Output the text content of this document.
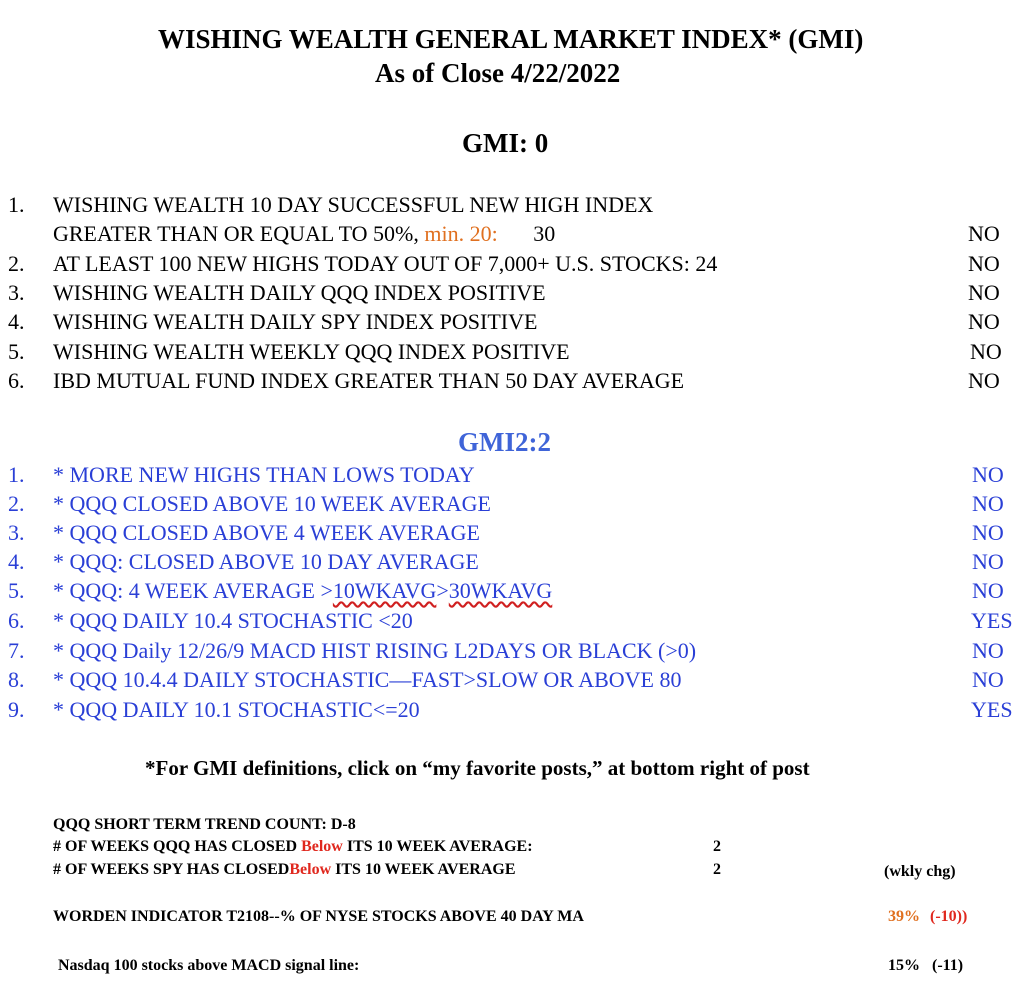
WISHING WEALTH GENERAL MARKET INDEX* (GMI)
As of Close 4/22/2022
GMI: 0
1. WISHING WEALTH 10 DAY SUCCESSFUL NEW HIGH INDEX
GREATER THAN OR EQUAL TO 50%, min. 20: 30	NO
2. AT LEAST 100 NEW HIGHS TODAY OUT OF 7,000+ U.S. STOCKS: 24	NO
3. WISHING WEALTH DAILY QQQ INDEX POSITIVE	NO
4. WISHING WEALTH DAILY SPY INDEX POSITIVE	NO
5. WISHING WEALTH WEEKLY QQQ INDEX POSITIVE	NO
6. IBD MUTUAL FUND INDEX GREATER THAN 50 DAY AVERAGE	NO
GMI2:2
1. * MORE NEW HIGHS THAN LOWS TODAY	NO
2. * QQQ CLOSED ABOVE 10 WEEK AVERAGE	NO
3. * QQQ CLOSED ABOVE 4 WEEK AVERAGE	NO
4. * QQQ: CLOSED ABOVE 10 DAY AVERAGE	NO
5. * QQQ: 4 WEEK AVERAGE >10WKAVG>30WKAVG	NO
6. * QQQ DAILY 10.4 STOCHASTIC <20	YES
7. * QQQ Daily 12/26/9 MACD HIST RISING L2DAYS OR BLACK (>0)	NO
8. * QQQ 10.4.4 DAILY STOCHASTIC—FAST>SLOW OR ABOVE 80	NO
9. * QQQ DAILY 10.1 STOCHASTIC<=20	YES
*For GMI definitions, click on “my favorite posts,” at bottom right of post
QQQ SHORT TERM TREND COUNT: D-8
# OF WEEKS QQQ HAS CLOSED Below ITS 10 WEEK AVERAGE:	2
# OF WEEKS SPY HAS CLOSEDBelow ITS 10 WEEK AVERAGE	2	(wkly chg)
WORDEN INDICATOR T2108--% OF NYSE STOCKS ABOVE 40 DAY MA	39% (-10))
Nasdaq 100 stocks above MACD signal line:	15% (-11)
